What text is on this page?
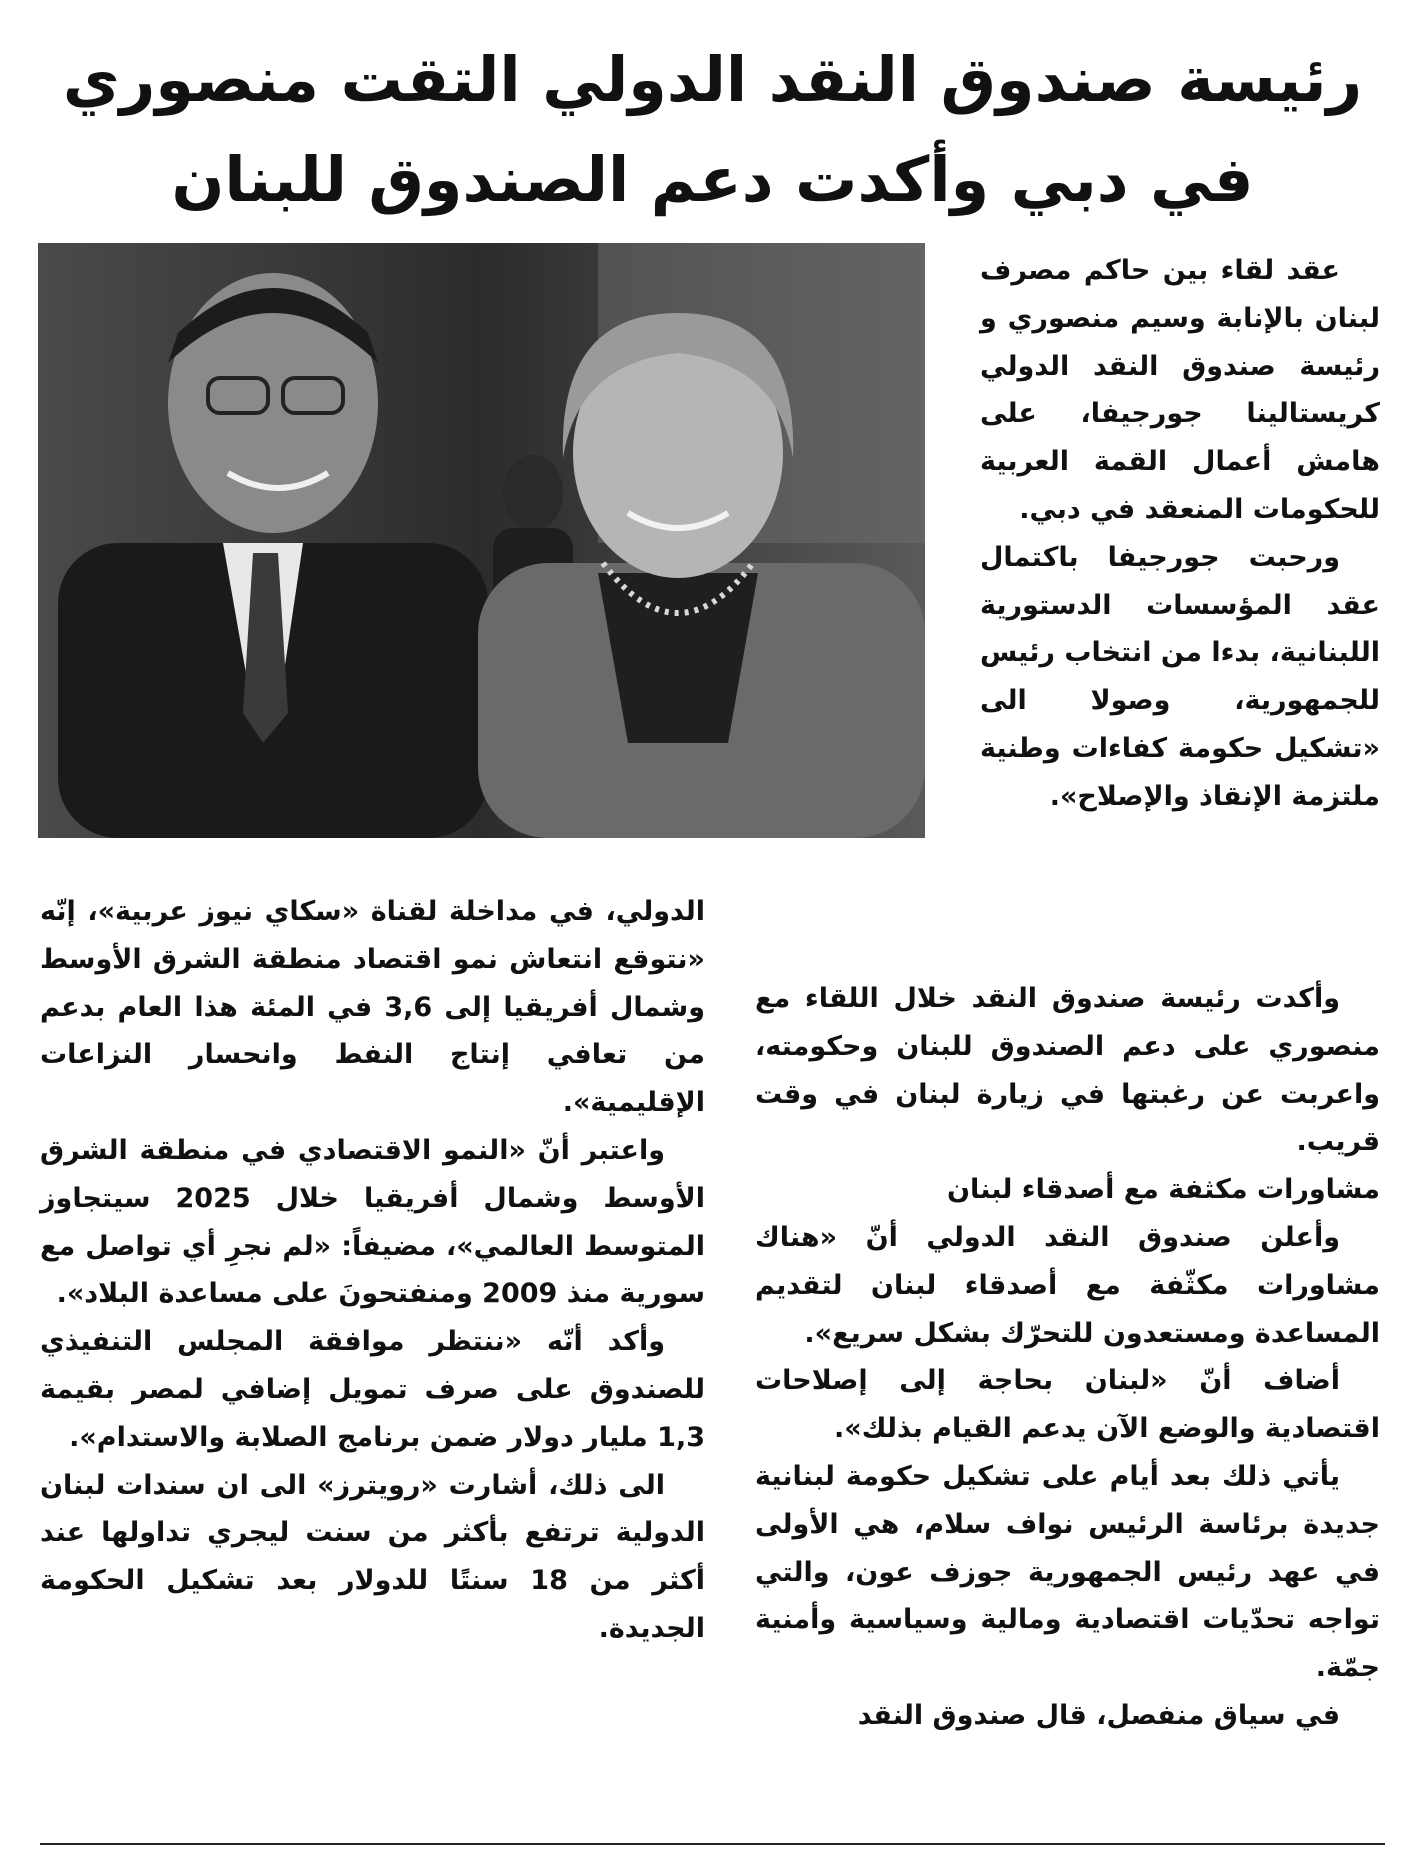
رئيسة صندوق النقد الدولي التقت منصوري
في دبي وأكدت دعم الصندوق للبنان

عقد لقاء بين حاكم مصرف لبنان بالإنابة وسيم منصوري و رئيسة صندوق النقد الدولي كريستالينا جورجيفا، على هامش أعمال القمة العربية للحكومات المنعقد في دبي.

ورحبت جورجيفا باكتمال عقد المؤسسات الدستورية اللبنانية، بدءا من انتخاب رئيس للجمهورية، وصولا الى «تشكيل حكومة كفاءات وطنية ملتزمة الإنقاذ والإصلاح».

وأكدت رئيسة صندوق النقد خلال اللقاء مع منصوري على دعم الصندوق للبنان وحكومته، واعربت عن رغبتها في زيارة لبنان في وقت قريب.

مشاورات مكثفة مع أصدقاء لبنان

وأعلن صندوق النقد الدولي أنّ «هناك مشاورات مكثّفة مع أصدقاء لبنان لتقديم المساعدة ومستعدون للتحرّك بشكل سريع».

أضاف أنّ «لبنان بحاجة إلى إصلاحات اقتصادية والوضع الآن يدعم القيام بذلك».

يأتي ذلك بعد أيام على تشكيل حكومة لبنانية جديدة برئاسة الرئيس نواف سلام، هي الأولى في عهد رئيس الجمهورية جوزف عون، والتي تواجه تحدّيات اقتصادية ومالية وسياسية وأمنية جمّة.

في سياق منفصل، قال صندوق النقد

الدولي، في مداخلة لقناة «سكاي نيوز عربية»، إنّه «نتوقع انتعاش نمو اقتصاد منطقة الشرق الأوسط وشمال أفريقيا إلى 3,6 في المئة هذا العام بدعم من تعافي إنتاج النفط وانحسار النزاعات الإقليمية».

واعتبر أنّ «النمو الاقتصادي في منطقة الشرق الأوسط وشمال أفريقيا خلال 2025 سيتجاوز المتوسط العالمي»، مضيفاً: «لم نجرِ أي تواصل مع سورية منذ 2009 ومنفتحونَ على مساعدة البلاد».

وأكد أنّه «ننتظر موافقة المجلس التنفيذي للصندوق على صرف تمويل إضافي لمصر بقيمة 1,3 مليار دولار ضمن برنامج الصلابة والاستدام».

الى ذلك، أشارت «رويترز» الى ان سندات لبنان الدولية ترتفع بأكثر من سنت ليجري تداولها عند أكثر من 18 سنتًا للدولار بعد تشكيل الحكومة الجديدة.
